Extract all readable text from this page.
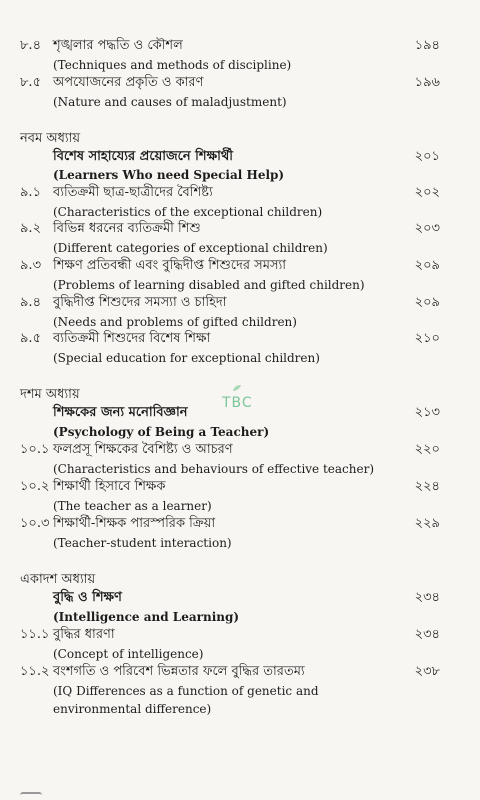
৮.৪ শৃঙ্খলার পদ্ধতি ও কৌশল	১৯৪
(Techniques and methods of discipline)
৮.৫ অপযোজনের প্রকৃতি ও কারণ	১৯৬
(Nature and causes of maladjustment)
নবম অধ্যায়
বিশেষ সাহায্যের প্রয়োজনে শিক্ষার্থী	২০১
(Learners Who need Special Help)
৯.১ ব্যতিক্রমী ছাত্র-ছাত্রীদের বৈশিষ্ট্য	২০২
(Characteristics of the exceptional children)
৯.২ বিভিন্ন ধরনের ব্যতিক্রমী শিশু	২০৩
(Different categories of exceptional children)
৯.৩ শিক্ষণ প্রতিবন্ধী এবং বুদ্ধিদীপ্ত শিশুদের সমস্যা	২০৯
(Problems of learning disabled and gifted children)
৯.৪ বুদ্ধিদীপ্ত শিশুদের সমস্যা ও চাহিদা	২০৯
(Needs and problems of gifted children)
৯.৫ ব্যতিক্রমী শিশুদের বিশেষ শিক্ষা	২১০
(Special education for exceptional children)
দশম অধ্যায়
শিক্ষকের জন্য মনোবিজ্ঞান	২১৩
(Psychology of Being a Teacher)
১০.১ ফলপ্রসূ শিক্ষকের বৈশিষ্ট্য ও আচরণ	২২০
(Characteristics and behaviours of effective teacher)
১০.২ শিক্ষার্থী হিসাবে শিক্ষক	২২৪
(The teacher as a learner)
১০.৩ শিক্ষার্থী-শিক্ষক পারস্পরিক ক্রিয়া	২২৯
(Teacher-student interaction)
একাদশ অধ্যায়
বুদ্ধি ও শিক্ষণ	২৩৪
(Intelligence and Learning)
১১.১ বুদ্ধির ধারণা	২৩৪
(Concept of intelligence)
১১.২ বংশগতি ও পরিবেশ ভিন্নতার ফলে বুদ্ধির তারতম্য	২৩৮
(IQ Differences as a function of genetic and environmental difference)
TBC
